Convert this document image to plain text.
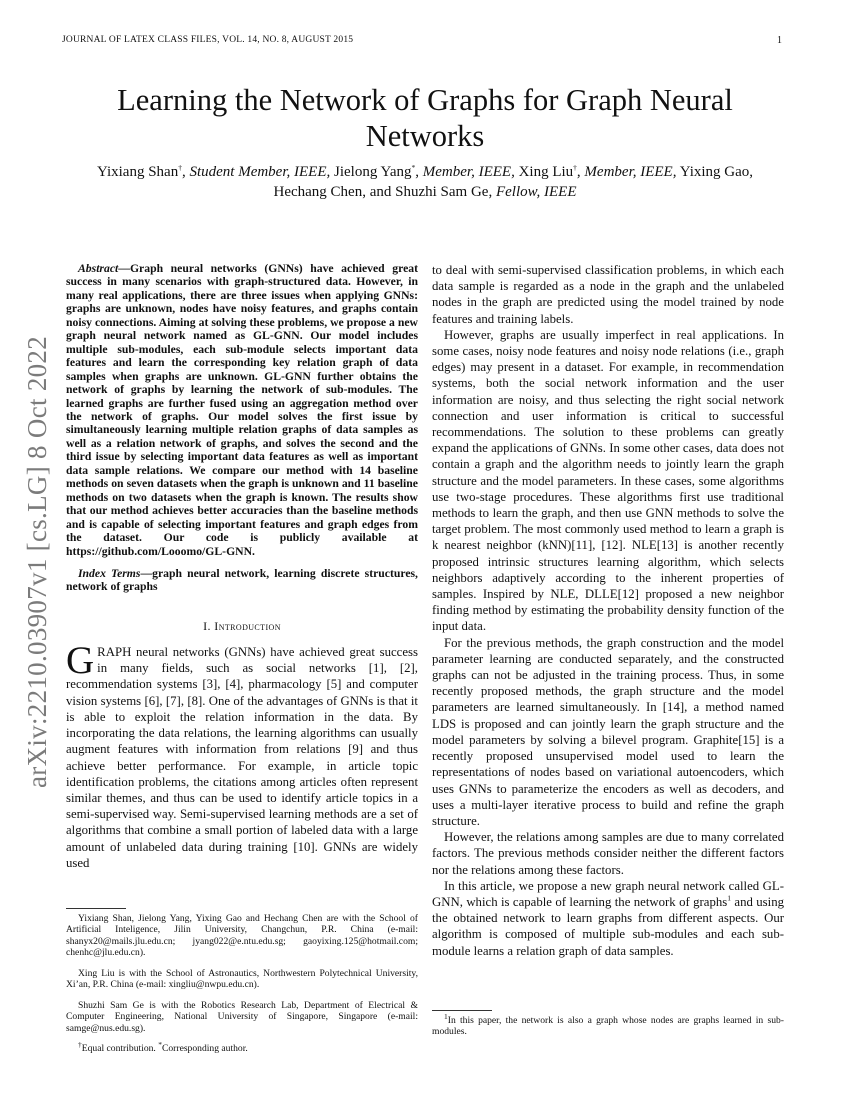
JOURNAL OF LATEX CLASS FILES, VOL. 14, NO. 8, AUGUST 2015	1
arXiv:2210.03907v1 [cs.LG] 8 Oct 2022
Learning the Network of Graphs for Graph Neural Networks
Yixiang Shan†, Student Member, IEEE, Jielong Yang*, Member, IEEE, Xing Liu†, Member, IEEE, Yixing Gao,
Hechang Chen, and Shuzhi Sam Ge, Fellow, IEEE

Abstract—Graph neural networks (GNNs) have achieved great success in many scenarios with graph-structured data. However, in many real applications, there are three issues when applying GNNs: graphs are unknown, nodes have noisy features, and graphs contain noisy connections. Aiming at solving these problems, we propose a new graph neural network named as GL-GNN. Our model includes multiple sub-modules, each sub-module selects important data features and learn the corresponding key relation graph of data samples when graphs are unknown. GL-GNN further obtains the network of graphs by learning the network of sub-modules. The learned graphs are further fused using an aggregation method over the network of graphs. Our model solves the first issue by simultaneously learning multiple relation graphs of data samples as well as a relation network of graphs, and solves the second and the third issue by selecting important data features as well as important data sample relations. We compare our method with 14 baseline methods on seven datasets when the graph is unknown and 11 baseline methods on two datasets when the graph is known. The results show that our method achieves better accuracies than the baseline methods and is capable of selecting important features and graph edges from the dataset. Our code is publicly available at https://github.com/Looomo/GL-GNN.

Index Terms—graph neural network, learning discrete structures, network of graphs

I. Introduction

GRAPH neural networks (GNNs) have achieved great success in many fields, such as social networks [1], [2], recommendation systems [3], [4], pharmacology [5] and computer vision systems [6], [7], [8]. One of the advantages of GNNs is that it is able to exploit the relation information in the data. By incorporating the data relations, the learning algorithms can usually augment features with information from relations [9] and thus achieve better performance. For example, in article topic identification problems, the citations among articles often represent similar themes, and thus can be used to identify article topics in a semi-supervised way. Semi-supervised learning methods are a set of algorithms that combine a small portion of labeled data with a large amount of unlabeled data during training [10]. GNNs are widely used

Yixiang Shan, Jielong Yang, Yixing Gao and Hechang Chen are with the School of Artificial Inteligence, Jilin University, Changchun, P.R. China (e-mail: shanyx20@mails.jlu.edu.cn; jyang022@e.ntu.edu.sg; gaoyixing.125@hotmail.com; chenhc@jlu.edu.cn).

Xing Liu is with the School of Astronautics, Northwestern Polytechnical University, Xi’an, P.R. China (e-mail: xingliu@nwpu.edu.cn).

Shuzhi Sam Ge is with the Robotics Research Lab, Department of Electrical & Computer Engineering, National University of Singapore, Singapore (e-mail: samge@nus.edu.sg).

†Equal contribution. *Corresponding author.

to deal with semi-supervised classification problems, in which each data sample is regarded as a node in the graph and the unlabeled nodes in the graph are predicted using the model trained by node features and training labels.

However, graphs are usually imperfect in real applications. In some cases, noisy node features and noisy node relations (i.e., graph edges) may present in a dataset. For example, in recommendation systems, both the social network information and the user information are noisy, and thus selecting the right social network connection and user information is critical to successful recommendations. The solution to these problems can greatly expand the applications of GNNs. In some other cases, data does not contain a graph and the algorithm needs to jointly learn the graph structure and the model parameters. In these cases, some algorithms use two-stage procedures. These algorithms first use traditional methods to learn the graph, and then use GNN methods to solve the target problem. The most commonly used method to learn a graph is k nearest neighbor (kNN)[11], [12]. NLE[13] is another recently proposed intrinsic structures learning algorithm, which selects neighbors adaptively according to the inherent properties of samples. Inspired by NLE, DLLE[12] proposed a new neighbor finding method by estimating the probability density function of the input data.

For the previous methods, the graph construction and the model parameter learning are conducted separately, and the constructed graphs can not be adjusted in the training process. Thus, in some recently proposed methods, the graph structure and the model parameters are learned simultaneously. In [14], a method named LDS is proposed and can jointly learn the graph structure and the model parameters by solving a bilevel program. Graphite[15] is a recently proposed unsupervised model used to learn the representations of nodes based on variational autoencoders, which uses GNNs to parameterize the encoders as well as decoders, and uses a multi-layer iterative process to build and refine the graph structure.

However, the relations among samples are due to many correlated factors. The previous methods consider neither the different factors nor the relations among these factors.

In this article, we propose a new graph neural network called GL-GNN, which is capable of learning the network of graphs$^1$ and using the obtained network to learn graphs from different aspects. Our algorithm is composed of multiple sub-modules and each sub-module learns a relation graph of data samples.

$^1$In this paper, the network is also a graph whose nodes are graphs learned in sub-modules.
